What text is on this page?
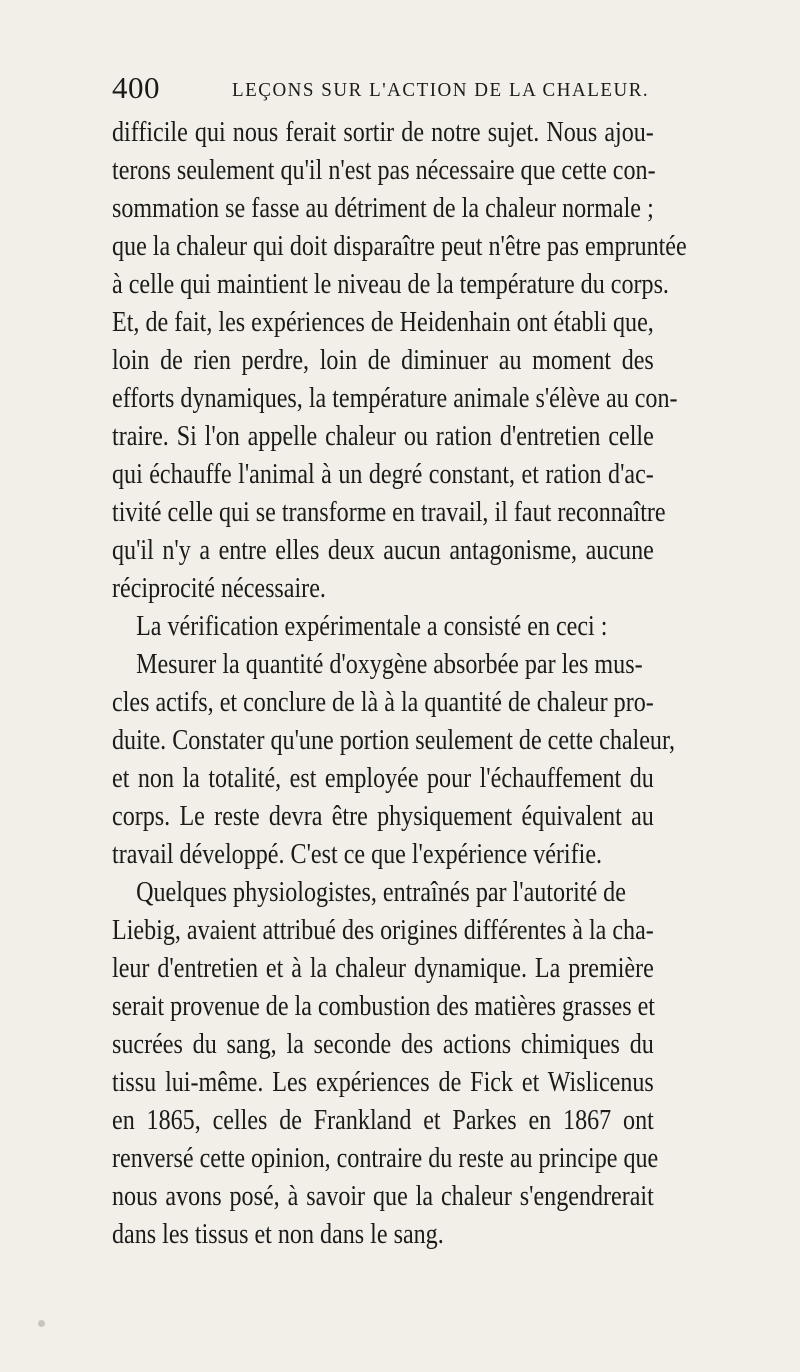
400	LEÇONS SUR L'ACTION DE LA CHALEUR.
difficile qui nous ferait sortir de notre sujet. Nous ajou-
terons seulement qu'il n'est pas nécessaire que cette con-
sommation se fasse au détriment de la chaleur normale ;
que la chaleur qui doit disparaître peut n'être pas empruntée
à celle qui maintient le niveau de la température du corps.
Et, de fait, les expériences de Heidenhain ont établi que,
loin de rien perdre, loin de diminuer au moment des
efforts dynamiques, la température animale s'élève au con-
traire. Si l'on appelle chaleur ou ration d'entretien celle
qui échauffe l'animal à un degré constant, et ration d'ac-
tivité celle qui se transforme en travail, il faut reconnaître
qu'il n'y a entre elles deux aucun antagonisme, aucune
réciprocité nécessaire.
La vérification expérimentale a consisté en ceci :
Mesurer la quantité d'oxygène absorbée par les mus-
cles actifs, et conclure de là à la quantité de chaleur pro-
duite. Constater qu'une portion seulement de cette chaleur,
et non la totalité, est employée pour l'échauffement du
corps. Le reste devra être physiquement équivalent au
travail développé. C'est ce que l'expérience vérifie.
Quelques physiologistes, entraînés par l'autorité de
Liebig, avaient attribué des origines différentes à la cha-
leur d'entretien et à la chaleur dynamique. La première
serait provenue de la combustion des matières grasses et
sucrées du sang, la seconde des actions chimiques du
tissu lui-même. Les expériences de Fick et Wislicenus
en 1865, celles de Frankland et Parkes en 1867 ont
renversé cette opinion, contraire du reste au principe que
nous avons posé, à savoir que la chaleur s'engendrerait
dans les tissus et non dans le sang.
